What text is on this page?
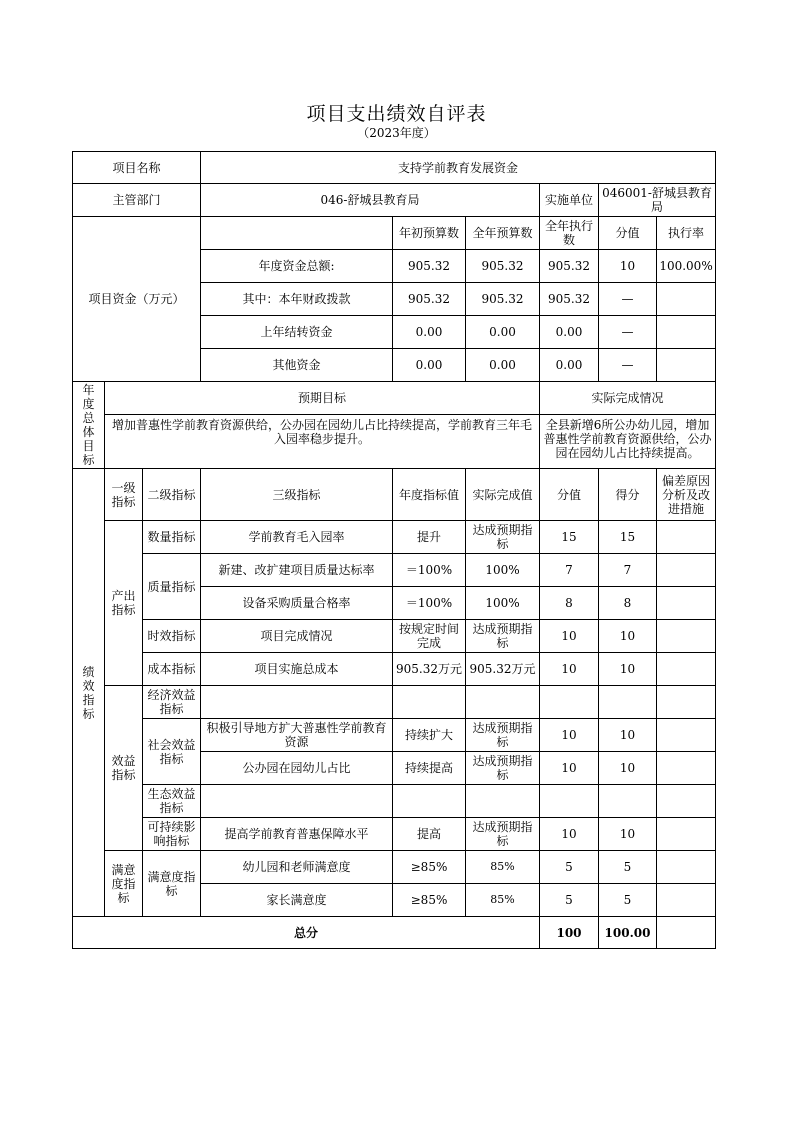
项目支出绩效自评表
（2023年度）
项目名称			支持学前教育发展资金						
主管部门			046-舒城县教育局			实施单位	046001-舒城县教育局		
项目资金（万元）				年初预算数	全年预算数	全年执行数	分值	执行率	
			年度资金总额:	905.32	905.32	905.32	10	100.00%	
			其中：本年财政拨款	905.32	905.32	905.32	—		
			上年结转资金	0.00	0.00	0.00	—		
			其他资金	0.00	0.00	0.00	—		
年度总体目标	预期目标					实际完成情况			
	增加普惠性学前教育资源供给，公办园在园幼儿占比持续提高，学前教育三年毛入园率稳步提升。					全县新增6所公办幼儿园，增加普惠性学前教育资源供给，公办园在园幼儿占比持续提高。			
绩效指标	一级指标	二级指标	三级指标	年度指标值	实际完成值	分值	得分	偏差原因分析及改进措施	
	产出指标	数量指标	学前教育毛入园率	提升	达成预期指标	15	15		
		质量指标	新建、改扩建项目质量达标率	＝100%	100%	7	7		
			设备采购质量合格率	＝100%	100%	8	8		
		时效指标	项目完成情况	按规定时间完成	达成预期指标	10	10		
		成本指标	项目实施总成本	905.32万元	905.32万元	10	10		
	效益指标	经济效益指标							
		社会效益指标	积极引导地方扩大普惠性学前教育资源	持续扩大	达成预期指标	10	10		
			公办园在园幼儿占比	持续提高	达成预期指标	10	10		
		生态效益指标							
		可持续影响指标	提高学前教育普惠保障水平	提高	达成预期指标	10	10		
	满意度指标	满意度指标	幼儿园和老师满意度	≥85%	85%	5	5		
			家长满意度	≥85%	85%	5	5		
总分						100	100.00		
